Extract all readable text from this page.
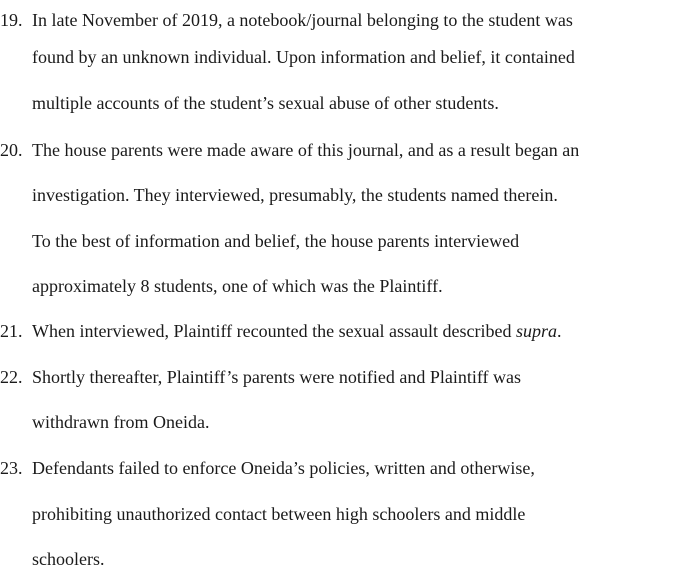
19. In late November of 2019, a notebook/journal belonging to the student was
found by an unknown individual. Upon information and belief, it contained
multiple accounts of the student’s sexual abuse of other students.
20. The house parents were made aware of this journal, and as a result began an
investigation. They interviewed, presumably, the students named therein.
To the best of information and belief, the house parents interviewed
approximately 8 students, one of which was the Plaintiff.
21. When interviewed, Plaintiff recounted the sexual assault described supra.
22. Shortly thereafter, Plaintiff’s parents were notified and Plaintiff was
withdrawn from Oneida.
23. Defendants failed to enforce Oneida’s policies, written and otherwise,
prohibiting unauthorized contact between high schoolers and middle
schoolers.
